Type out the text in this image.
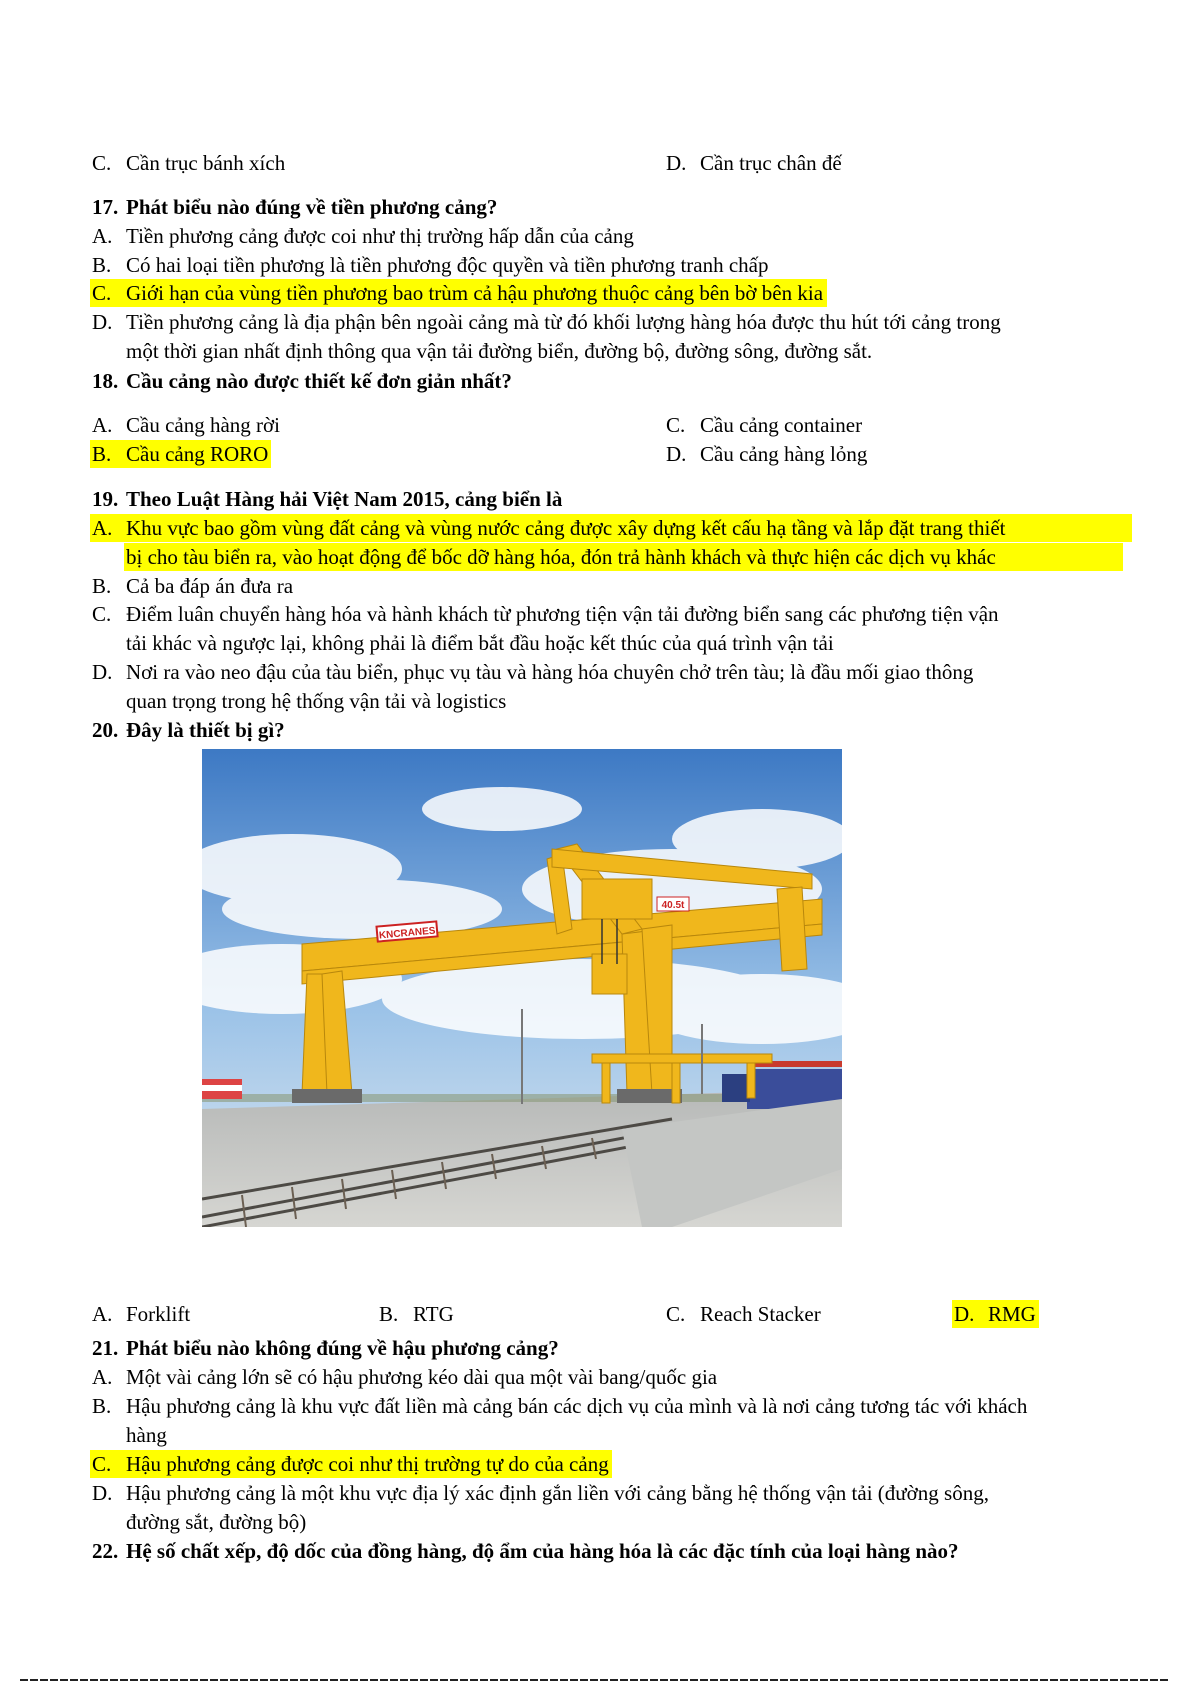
C. Cần trục bánh xích	D. Cần trục chân đế
17. Phát biểu nào đúng về tiền phương cảng?
A. Tiền phương cảng được coi như thị trường hấp dẫn của cảng
B. Có hai loại tiền phương là tiền phương độc quyền và tiền phương tranh chấp
C. Giới hạn của vùng tiền phương bao trùm cả hậu phương thuộc cảng bên bờ bên kia
D. Tiền phương cảng là địa phận bên ngoài cảng mà từ đó khối lượng hàng hóa được thu hút tới cảng trong
một thời gian nhất định thông qua vận tải đường biển, đường bộ, đường sông, đường sắt.
18. Cầu cảng nào được thiết kế đơn giản nhất?
A. Cầu cảng hàng rời	C. Cầu cảng container
B. Cầu cảng RORO	D. Cầu cảng hàng lỏng
19. Theo Luật Hàng hải Việt Nam 2015, cảng biển là
A. Khu vực bao gồm vùng đất cảng và vùng nước cảng được xây dựng kết cấu hạ tầng và lắp đặt trang thiết
bị cho tàu biển ra, vào hoạt động để bốc dỡ hàng hóa, đón trả hành khách và thực hiện các dịch vụ khác
B. Cả ba đáp án đưa ra
C. Điểm luân chuyển hàng hóa và hành khách từ phương tiện vận tải đường biển sang các phương tiện vận
tải khác và ngược lại, không phải là điểm bắt đầu hoặc kết thúc của quá trình vận tải
D. Nơi ra vào neo đậu của tàu biển, phục vụ tàu và hàng hóa chuyên chở trên tàu; là đầu mối giao thông
quan trọng trong hệ thống vận tải và logistics
20. Đây là thiết bị gì?
KNCRANES
40.5t
A. Forklift	B. RTG	C. Reach Stacker	D. RMG
21. Phát biểu nào không đúng về hậu phương cảng?
A. Một vài cảng lớn sẽ có hậu phương kéo dài qua một vài bang/quốc gia
B. Hậu phương cảng là khu vực đất liền mà cảng bán các dịch vụ của mình và là nơi cảng tương tác với khách
hàng
C. Hậu phương cảng được coi như thị trường tự do của cảng
D. Hậu phương cảng là một khu vực địa lý xác định gắn liền với cảng bằng hệ thống vận tải (đường sông,
đường sắt, đường bộ)
22. Hệ số chất xếp, độ dốc của đồng hàng, độ ẩm của hàng hóa là các đặc tính của loại hàng nào?
